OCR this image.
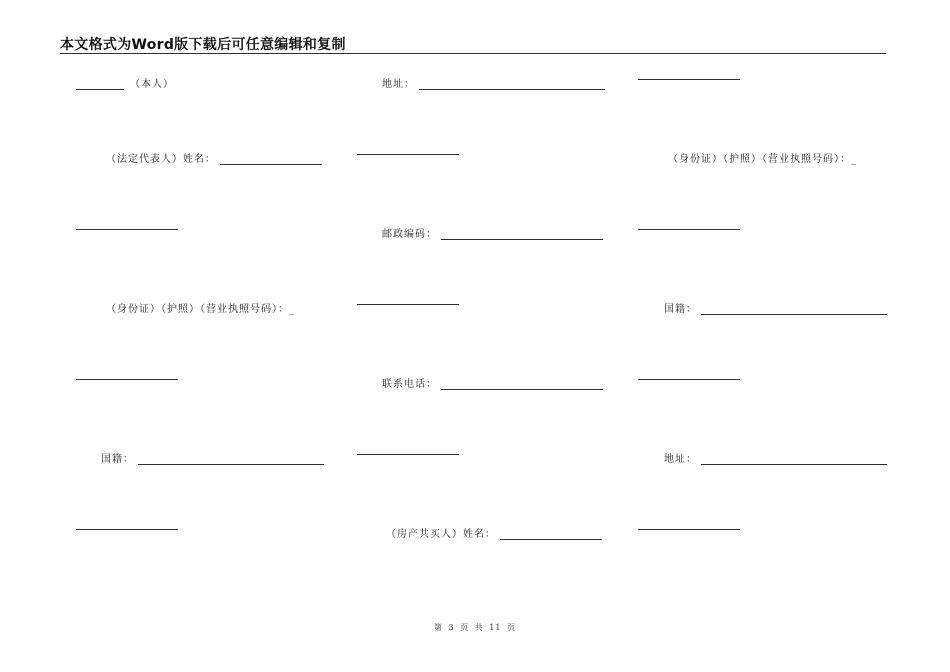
本文格式为Word版下载后可任意编辑和复制
（本人）	地址：
（法定代表人）姓名：	（身份证）（护照）（营业执照号码）：_
邮政编码：
（身份证）（护照）（营业执照号码）：_	国籍：
联系电话：
国籍：	地址：
（房产共买人）姓名：
第 3 页 共 11 页
